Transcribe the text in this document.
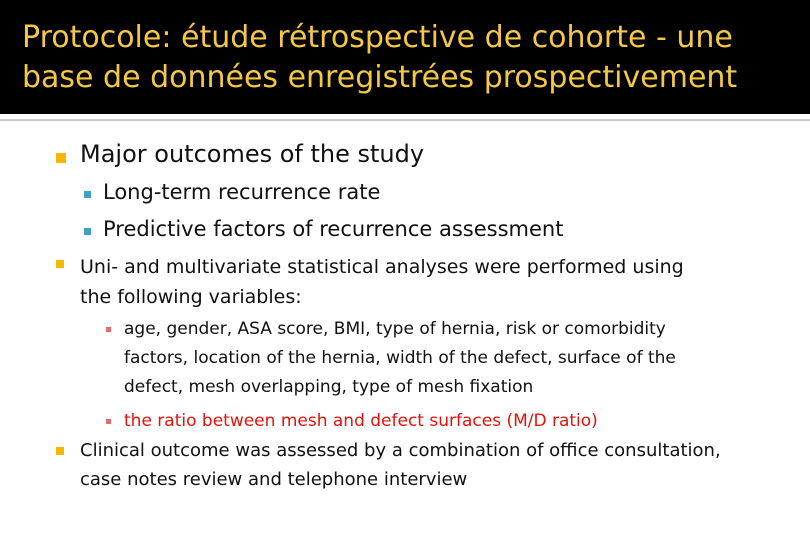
Protocole: étude rétrospective de cohorte - une
base de données enregistrées prospectivement
Major outcomes of the study
Long-term recurrence rate
Predictive factors of recurrence assessment
Uni- and multivariate statistical analyses were performed using
the following variables:
age, gender, ASA score, BMI, type of hernia, risk or comorbidity
factors, location of the hernia, width of the defect, surface of the
defect, mesh overlapping, type of mesh fixation
the ratio between mesh and defect surfaces (M/D ratio)
Clinical outcome was assessed by a combination of office consultation,
case notes review and telephone interview
